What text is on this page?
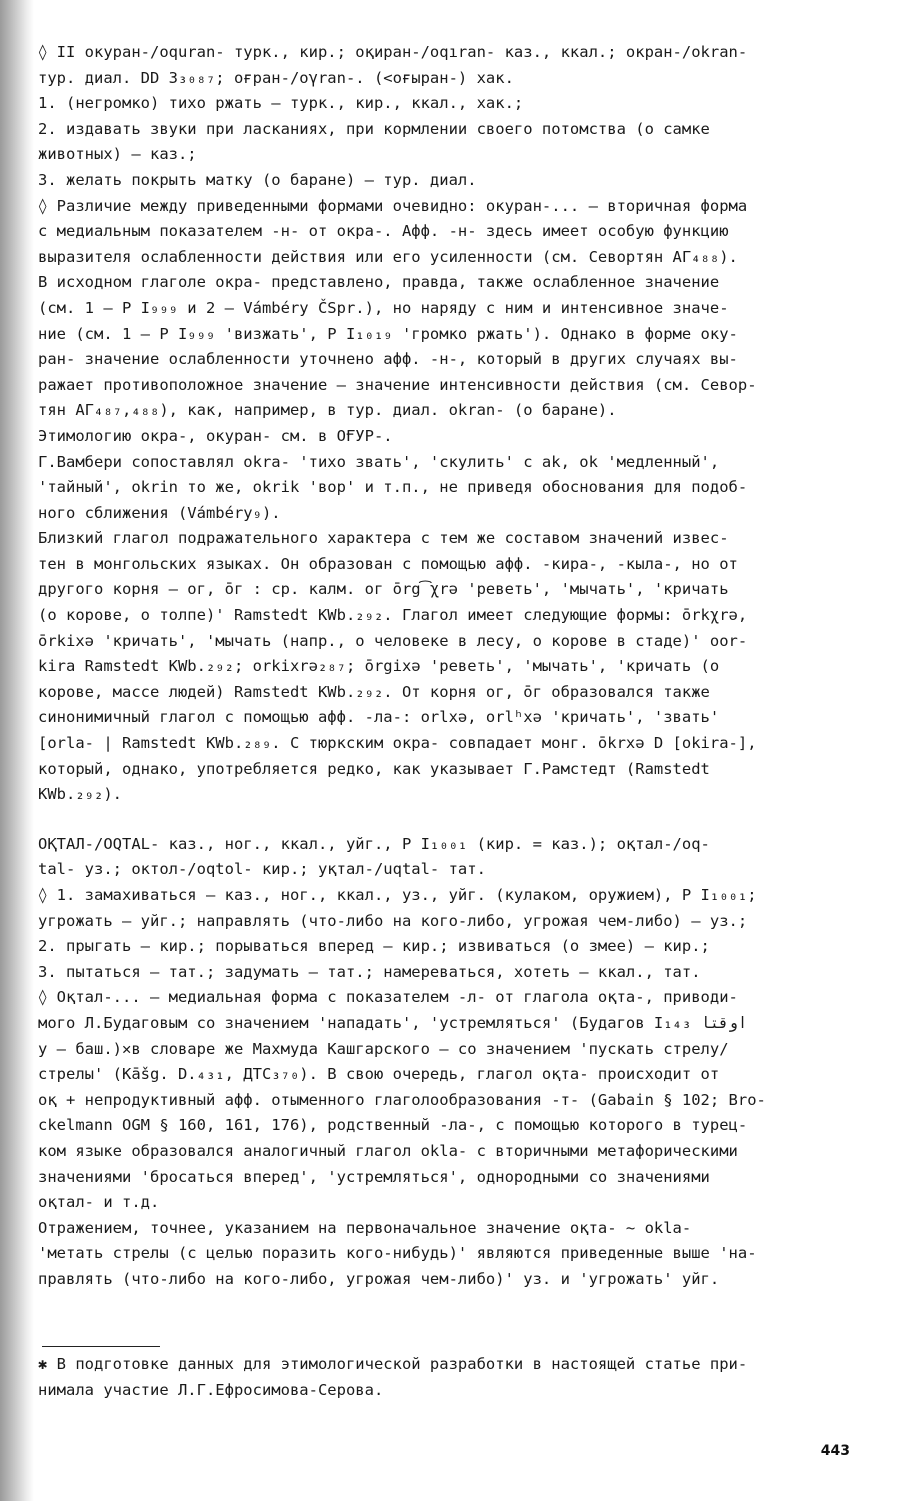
◊ II окуран-/oquran- турк., кир.; оқиран-/oqıran- каз., ккал.; окран-/okran-
тур. диал. DD 3₃₀₈₇; оғран-/oγran-. (<оғыран-) хак.
1. (негромко) тихо ржать – турк., кир., ккал., хак.;
2. издавать звуки при ласканиях, при кормлении своего потомства (о самке
животных) – каз.;
3. желать покрыть матку (о баране) – тур. диал.
◊ Различие между приведенными формами очевидно: окуран-... – вторичная форма
с медиальным показателем -н- от окра-. Афф. -н- здесь имеет особую функцию
выразителя ослабленности действия или его усиленности (см. Севортян АГ₄₈₈).
В исходном глаголе окра- представлено, правда, также ослабленное значение
(см. 1 – Р I₉₉₉ и 2 – Vámbéry ČSpr.), но наряду с ним и интенсивное значе-
ние (см. 1 – Р I₉₉₉ 'визжать', Р I₁₀₁₉ 'громко ржать'). Однако в форме оку-
ран- значение ослабленности уточнено афф. -н-, который в других случаях вы-
ражает противоположное значение – значение интенсивности действия (см. Севор-
тян АГ₄₈₇,₄₈₈), как, например, в тур. диал. okran- (о баране).
Этимологию окра-, окуран- см. в ОҒУР-.
Г.Вамбери сопоставлял okra- 'тихо звать', 'скулить' с ak, ok 'медленный',
'тайный', okrin то же, okrik 'вор' и т.п., не приведя обоснования для подоб-
ного сближения (Vámbéry₉).
Близкий глагол подражательного характера с тем же составом значений извес-
тен в монгольских языках. Он образован с помощью афф. -кира-, -кыла-, но от
другого корня – ог, ōг : ср. калм. ог ōrg͡χrə 'реветь', 'мычать', 'кричать
(о корове, о толпе)' Ramstedt KWb.₂₉₂. Глагол имеет следующие формы: ōrkχrə,
ōrkixə 'кричать', 'мычать (напр., о человеке в лесу, о корове в стаде)' oor-
kira Ramstedt KWb.₂₉₂; orkixrə₂₈₇; ōrgixə 'реветь', 'мычать', 'кричать (о
корове, массе людей) Ramstedt KWb.₂₉₂. От корня ог, ōг образовался также
синонимичный глагол с помощью афф. -ла-: orlxə, orlʰxə 'кричать', 'звать'
[orla- | Ramstedt KWb.₂₈₉. С тюркским окра- совпадает монг. ōkrxə D [okira-],
который, однако, употребляется редко, как указывает Г.Рамстедт (Ramstedt
KWb.₂₉₂).
ОҚТАЛ-/OQTAL- каз., ног., ккал., уйг., Р I₁₀₀₁ (кир. = каз.); оқтал-/oq-
tal- уз.; октол-/oqtol- кир.; уқтал-/uqtal- тат.
◊ 1. замахиваться – каз., ног., ккал., уз., уйг. (кулаком, оружием), Р I₁₀₀₁;
угрожать – уйг.; направлять (что-либо на кого-либо, угрожая чем-либо) – уз.;
2. прыгать – кир.; порываться вперед – кир.; извиваться (о змее) – кир.;
3. пытаться – тат.; задумать – тат.; намереваться, хотеть – ккал., тат.
◊ Оқтал-... – медиальная форма с показателем -л- от глагола оқта-, приводи-
мого Л.Будаговым со значением 'нападать', 'устремляться' (Будагов I₁₄₃ اوقتا
у – баш.)✕в словаре же Махмуда Кашгарского – со значением 'пускать стрелу/
стрелы' (Kāšg. D.₄₃₁, ДТС₃₇₀). В свою очередь, глагол оқта- происходит от
оқ + непродуктивный афф. отыменного глаголообразования -т- (Gabain § 102; Bro-
ckelmann OGM § 160, 161, 176), родственный -ла-, с помощью которого в турец-
ком языке образовался аналогичный глагол okla- с вторичными метафорическими
значениями 'бросаться вперед', 'устремляться', однородными со значениями
оқтал- и т.д.
Отражением, точнее, указанием на первоначальное значение оқта- ~ okla-
'метать стрелы (с целью поразить кого-нибудь)' являются приведенные выше 'на-
правлять (что-либо на кого-либо, угрожая чем-либо)' уз. и 'угрожать' уйг.
✱ В подготовке данных для этимологической разработки в настоящей статье при-
нимала участие Л.Г.Ефросимова-Серова.
443
